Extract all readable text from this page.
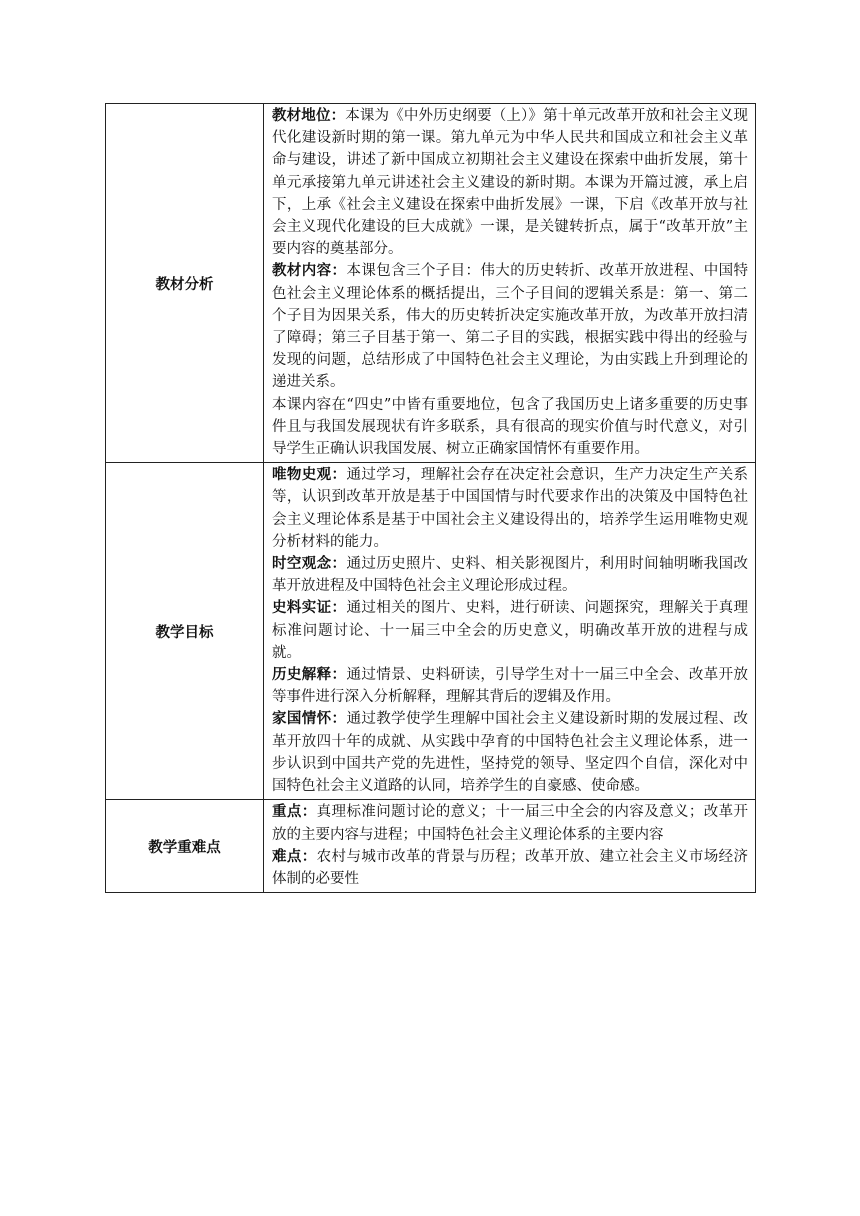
教材分析	教材地位：本课为《中外历史纲要（上）》第十单元改革开放和社会主义现代化建设新时期的第一课。第九单元为中华人民共和国成立和社会主义革命与建设，讲述了新中国成立初期社会主义建设在探索中曲折发展，第十单元承接第九单元讲述社会主义建设的新时期。本课为开篇过渡，承上启下，上承《社会主义建设在探索中曲折发展》一课，下启《改革开放与社会主义现代化建设的巨大成就》一课，是关键转折点，属于“改革开放”主要内容的奠基部分。

教材内容：本课包含三个子目：伟大的历史转折、改革开放进程、中国特色社会主义理论体系的概括提出，三个子目间的逻辑关系是：第一、第二个子目为因果关系，伟大的历史转折决定实施改革开放，为改革开放扫清了障碍；第三子目基于第一、第二子目的实践，根据实践中得出的经验与发现的问题，总结形成了中国特色社会主义理论，为由实践上升到理论的递进关系。

本课内容在“四史”中皆有重要地位，包含了我国历史上诸多重要的历史事件且与我国发展现状有许多联系，具有很高的现实价值与时代意义，对引导学生正确认识我国发展、树立正确家国情怀有重要作用。

教学目标	唯物史观：通过学习，理解社会存在决定社会意识，生产力决定生产关系等，认识到改革开放是基于中国国情与时代要求作出的决策及中国特色社会主义理论体系是基于中国社会主义建设得出的，培养学生运用唯物史观分析材料的能力。

时空观念：通过历史照片、史料、相关影视图片，利用时间轴明晰我国改革开放进程及中国特色社会主义理论形成过程。

史料实证：通过相关的图片、史料，进行研读、问题探究，理解关于真理标准问题讨论、十一届三中全会的历史意义，明确改革开放的进程与成就。

历史解释：通过情景、史料研读，引导学生对十一届三中全会、改革开放等事件进行深入分析解释，理解其背后的逻辑及作用。

家国情怀：通过教学使学生理解中国社会主义建设新时期的发展过程、改革开放四十年的成就、从实践中孕育的中国特色社会主义理论体系，进一步认识到中国共产党的先进性，坚持党的领导、坚定四个自信，深化对中国特色社会主义道路的认同，培养学生的自豪感、使命感。

教学重难点	重点：真理标准问题讨论的意义；十一届三中全会的内容及意义；改革开放的主要内容与进程；中国特色社会主义理论体系的主要内容

难点：农村与城市改革的背景与历程；改革开放、建立社会主义市场经济体制的必要性
